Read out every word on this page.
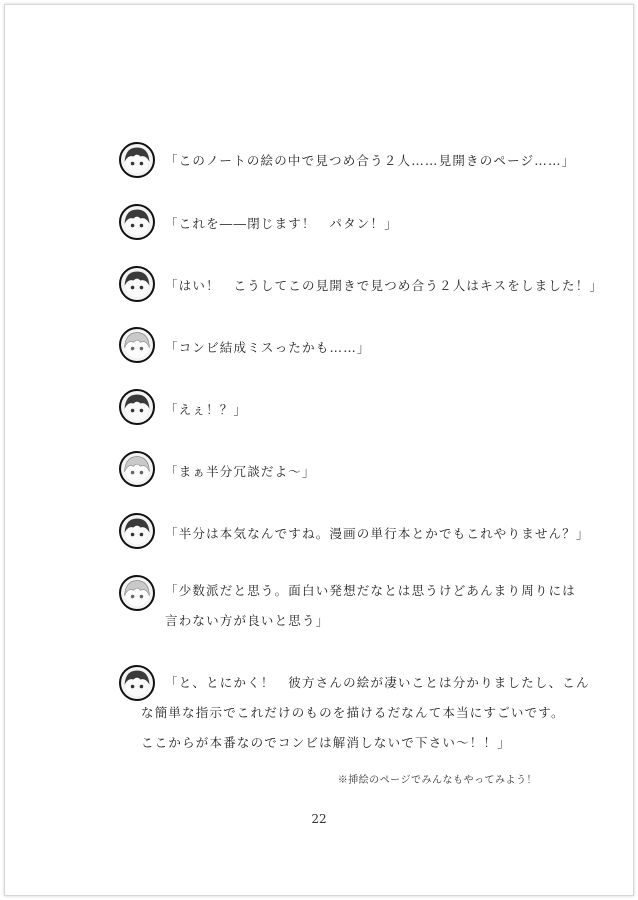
「このノートの絵の中で見つめ合う２人……見開きのページ……」
「これを――閉じます！　パタン！」
「はい！　こうしてこの見開きで見つめ合う２人はキスをしました！」
「コンビ結成ミスったかも……」
「えぇ！？」
「まぁ半分冗談だよ～」
「半分は本気なんですね。漫画の単行本とかでもこれやりません？」
「少数派だと思う。面白い発想だなとは思うけどあんまり周りには
言わない方が良いと思う」
「と、とにかく！　彼方さんの絵が凄いことは分かりましたし、こん
な簡単な指示でこれだけのものを描けるだなんて本当にすごいです。
ここからが本番なのでコンビは解消しないで下さい～！！」
※挿絵のページでみんなもやってみよう！
22
